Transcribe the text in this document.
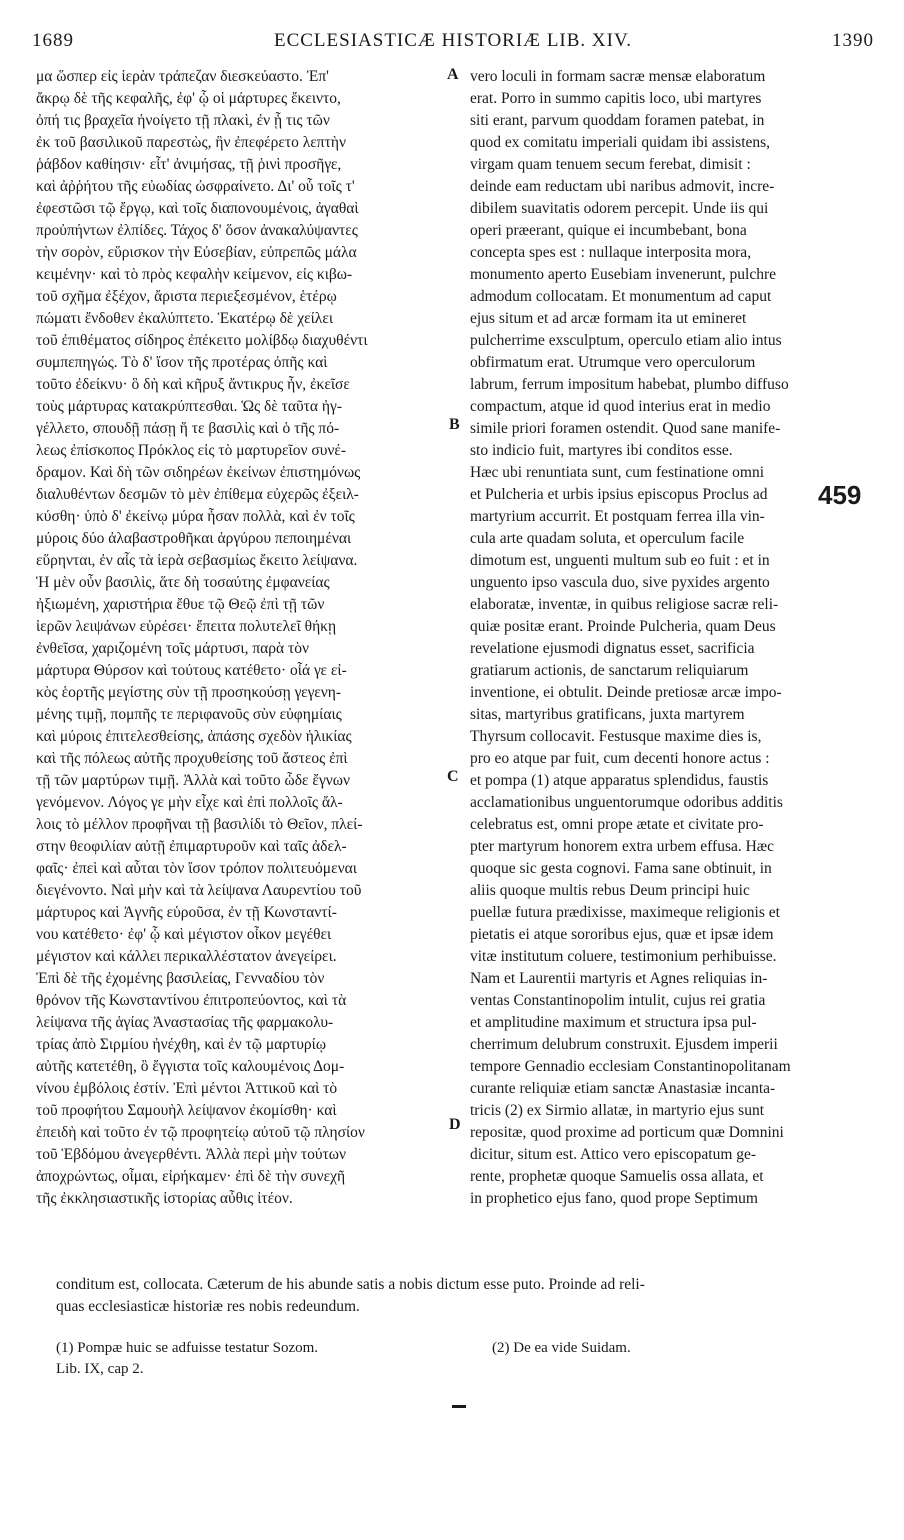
1689	ECCLESIASTICÆ HISTORIÆ LIB. XIV.	1390
μα ὥσπερ εἰς ἱερὰν τράπεζαν διεσκεύαστο. Ἐπ'
ἄκρῳ δὲ τῆς κεφαλῆς, ἐφ' ᾧ οἱ μάρτυρες ἔκειντο,
ὀπή τις βραχεῖα ἠνοίγετο τῇ πλακὶ, ἐν ᾗ τις τῶν
ἐκ τοῦ βασιλικοῦ παρεστὼς, ἣν ἐπεφέρετο λεπτὴν
ῥάβδον καθίησιν· εἶτ' ἀνιμήσας, τῇ ῥινὶ προσῆγε,
καὶ ἀῤῥήτου τῆς εὐωδίας ὠσφραίνετο. Δι' οὗ τοῖς τ'
ἐφεστῶσι τῷ ἔργῳ, καὶ τοῖς διαπονουμένοις, ἀγαθαὶ
προὐπήντων ἐλπίδες. Τάχος δ' ὅσον ἀνακαλύψαντες
τὴν σορὸν, εὕρισκον τὴν Εὐσεβίαν, εὐπρεπῶς μάλα
κειμένην· καὶ τὸ πρὸς κεφαλὴν κείμενον, εἰς κιβω-
τοῦ σχῆμα ἐξέχον, ἄριστα περιεξεσμένον, ἑτέρῳ
πώματι ἔνδοθεν ἐκαλύπτετο. Ἑκατέρῳ δὲ χείλει
τοῦ ἐπιθέματος σίδηρος ἐπέκειτο μολίβδῳ διαχυθέντι
συμπεπηγώς. Τὸ δ' ἴσον τῆς προτέρας ὀπῆς καὶ
τοῦτο ἐδείκνυ· ὃ δὴ καὶ κῆρυξ ἄντικρυς ἦν, ἐκεῖσε
τοὺς μάρτυρας κατακρύπτεσθαι. Ὡς δὲ ταῦτα ἠγ-
γέλλετο, σπουδῇ πάσῃ ἥ τε βασιλὶς καὶ ὁ τῆς πό-
λεως ἐπίσκοπος Πρόκλος εἰς τὸ μαρτυρεῖον συνέ-
δραμον. Καὶ δὴ τῶν σιδηρέων ἐκείνων ἐπιστημόνως
διαλυθέντων δεσμῶν τὸ μὲν ἐπίθεμα εὐχερῶς ἐξειλ-
κύσθη· ὑπὸ δ' ἐκείνῳ μύρα ἦσαν πολλὰ, καὶ ἐν τοῖς
μύροις δύο ἀλαβαστροθῆκαι ἀργύρου πεποιημέναι
εὕρηνται, ἐν αἷς τὰ ἱερὰ σεβασμίως ἔκειτο λείψανα.
Ἡ μὲν οὖν βασιλὶς, ἅτε δὴ τοσαύτης ἐμφανείας
ἠξιωμένη, χαριστήρια ἔθυε τῷ Θεῷ ἐπὶ τῇ τῶν
ἱερῶν λειψάνων εὑρέσει· ἔπειτα πολυτελεῖ θήκῃ
ἐνθεῖσα, χαριζομένη τοῖς μάρτυσι, παρὰ τὸν
μάρτυρα Θύρσον καὶ τούτους κατέθετο· οἷά γε εἰ-
κὸς ἑορτῆς μεγίστης σὺν τῇ προσηκούσῃ γεγενη-
μένης τιμῇ, πομπῆς τε περιφανοῦς σὺν εὐφημίαις
καὶ μύροις ἐπιτελεσθείσης, ἁπάσης σχεδὸν ἡλικίας
καὶ τῆς πόλεως αὐτῆς προχυθείσης τοῦ ἄστεος ἐπὶ
τῇ τῶν μαρτύρων τιμῇ. Ἀλλὰ καὶ τοῦτο ὧδε ἔγνων
γενόμενον. Λόγος γε μὴν εἶχε καὶ ἐπὶ πολλοῖς ἄλ-
λοις τὸ μέλλον προφῆναι τῇ βασιλίδι τὸ Θεῖον, πλεί-
στην θεοφιλίαν αὐτῇ ἐπιμαρτυροῦν καὶ ταῖς ἀδελ-
φαῖς· ἐπεὶ καὶ αὗται τὸν ἴσον τρόπον πολιτευόμεναι
διεγένοντο. Ναὶ μὴν καὶ τὰ λείψανα Λαυρεντίου τοῦ
μάρτυρος καὶ Ἁγνῆς εὑροῦσα, ἐν τῇ Κωνσταντί-
νου κατέθετο· ἐφ' ᾧ καὶ μέγιστον οἶκον μεγέθει
μέγιστον καὶ κάλλει περικαλλέστατον ἀνεγείρει.
Ἐπὶ δὲ τῆς ἐχομένης βασιλείας, Γενναδίου τὸν
θρόνον τῆς Κωνσταντίνου ἐπιτροπεύοντος, καὶ τὰ
λείψανα τῆς ἁγίας Ἀναστασίας τῆς φαρμακολυ-
τρίας ἀπὸ Σιρμίου ἠνέχθη, καὶ ἐν τῷ μαρτυρίῳ
αὐτῆς κατετέθη, ὃ ἔγγιστα τοῖς καλουμένοις Δομ-
νίνου ἐμβόλοις ἐστίν. Ἐπὶ μέντοι Ἀττικοῦ καὶ τὸ
τοῦ προφήτου Σαμουὴλ λείψανον ἐκομίσθη· καὶ
ἐπειδὴ καὶ τοῦτο ἐν τῷ προφητείῳ αὐτοῦ τῷ πλησίον
τοῦ Ἑβδόμου ἀνεγερθέντι. Ἀλλὰ περὶ μὴν τούτων
ἀποχρώντως, οἶμαι, εἰρήκαμεν· ἐπὶ δὲ τὴν συνεχῆ
τῆς ἐκκλησιαστικῆς ἱστορίας αὖθις ἰτέον.
vero loculi in formam sacræ mensæ elaboratum
erat. Porro in summo capitis loco, ubi martyres
siti erant, parvum quoddam foramen patebat, in
quod ex comitatu imperiali quidam ibi assistens,
virgam quam tenuem secum ferebat, dimisit :
deinde eam reductam ubi naribus admovit, incre-
dibilem suavitatis odorem percepit. Unde iis qui
operi præerant, quique ei incumbebant, bona
concepta spes est : nullaque interposita mora,
monumento aperto Eusebiam invenerunt, pulchre
admodum collocatam. Et monumentum ad caput
ejus situm et ad arcæ formam ita ut emineret
pulcherrime exsculptum, operculo etiam alio intus
obfirmatum erat. Utrumque vero operculorum
labrum, ferrum impositum habebat, plumbo diffuso
compactum, atque id quod interius erat in medio
simile priori foramen ostendit. Quod sane manife-
sto indicio fuit, martyres ibi conditos esse.
Hæc ubi renuntiata sunt, cum festinatione omni
et Pulcheria et urbis ipsius episcopus Proclus ad
martyrium accurrit. Et postquam ferrea illa vin-
cula arte quadam soluta, et operculum facile
dimotum est, unguenti multum sub eo fuit : et in
unguento ipso vascula duo, sive pyxides argento
elaboratæ, inventæ, in quibus religiose sacræ reli-
quiæ positæ erant. Proinde Pulcheria, quam Deus
revelatione ejusmodi dignatus esset, sacrificia
gratiarum actionis, de sanctarum reliquiarum
inventione, ei obtulit. Deinde pretiosæ arcæ impo-
sitas, martyribus gratificans, juxta martyrem
Thyrsum collocavit. Festusque maxime dies is,
pro eo atque par fuit, cum decenti honore actus :
et pompa (1) atque apparatus splendidus, faustis
acclamationibus unguentorumque odoribus additis
celebratus est, omni prope ætate et civitate pro-
pter martyrum honorem extra urbem effusa. Hæc
quoque sic gesta cognovi. Fama sane obtinuit, in
aliis quoque multis rebus Deum principi huic
puellæ futura prædixisse, maximeque religionis et
pietatis ei atque sororibus ejus, quæ et ipsæ idem
vitæ institutum coluere, testimonium perhibuisse.
Nam et Laurentii martyris et Agnes reliquias in-
ventas Constantinopolim intulit, cujus rei gratia
et amplitudine maximum et structura ipsa pul-
cherrimum delubrum construxit. Ejusdem imperii
tempore Gennadio ecclesiam Constantinopolitanam
curante reliquiæ etiam sanctæ Anastasiæ incanta-
tricis (2) ex Sirmio allatæ, in martyrio ejus sunt
repositæ, quod proxime ad porticum quæ Domnini
dicitur, situm est. Attico vero episcopatum ge-
rente, prophetæ quoque Samuelis ossa allata, et
in prophetico ejus fano, quod prope Septimum
A
B
C
D
459
conditum est, collocata. Cæterum de his abunde satis a nobis dictum esse puto. Proinde ad reli-
quas ecclesiasticæ historiæ res nobis redeundum.
(1) Pompæ huic se adfuisse testatur Sozom.
Lib. IX, cap 2.
(2) De ea vide Suidam.
